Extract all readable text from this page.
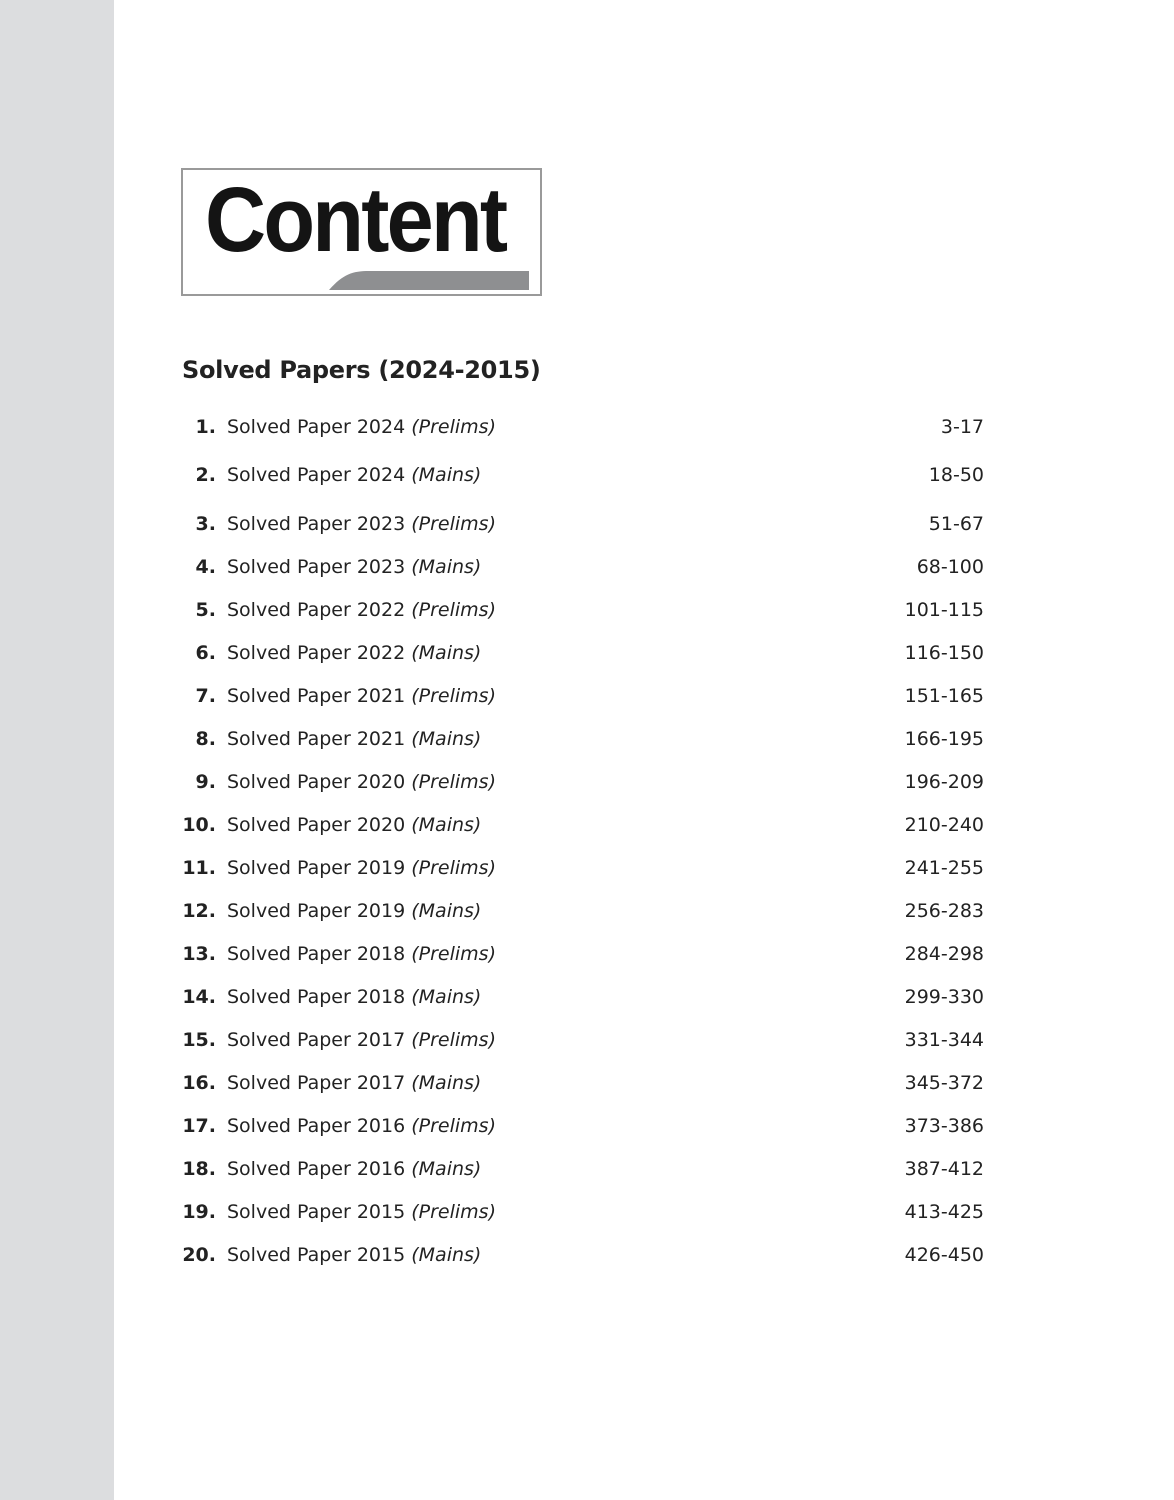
Content
Solved Papers (2024-2015)
1. Solved Paper 2024 (Prelims)	3-17
2. Solved Paper 2024 (Mains)	18-50
3. Solved Paper 2023 (Prelims)	51-67
4. Solved Paper 2023 (Mains)	68-100
5. Solved Paper 2022 (Prelims)	101-115
6. Solved Paper 2022 (Mains)	116-150
7. Solved Paper 2021 (Prelims)	151-165
8. Solved Paper 2021 (Mains)	166-195
9. Solved Paper 2020 (Prelims)	196-209
10. Solved Paper 2020 (Mains)	210-240
11. Solved Paper 2019 (Prelims)	241-255
12. Solved Paper 2019 (Mains)	256-283
13. Solved Paper 2018 (Prelims)	284-298
14. Solved Paper 2018 (Mains)	299-330
15. Solved Paper 2017 (Prelims)	331-344
16. Solved Paper 2017 (Mains)	345-372
17. Solved Paper 2016 (Prelims)	373-386
18. Solved Paper 2016 (Mains)	387-412
19. Solved Paper 2015 (Prelims)	413-425
20. Solved Paper 2015 (Mains)	426-450
